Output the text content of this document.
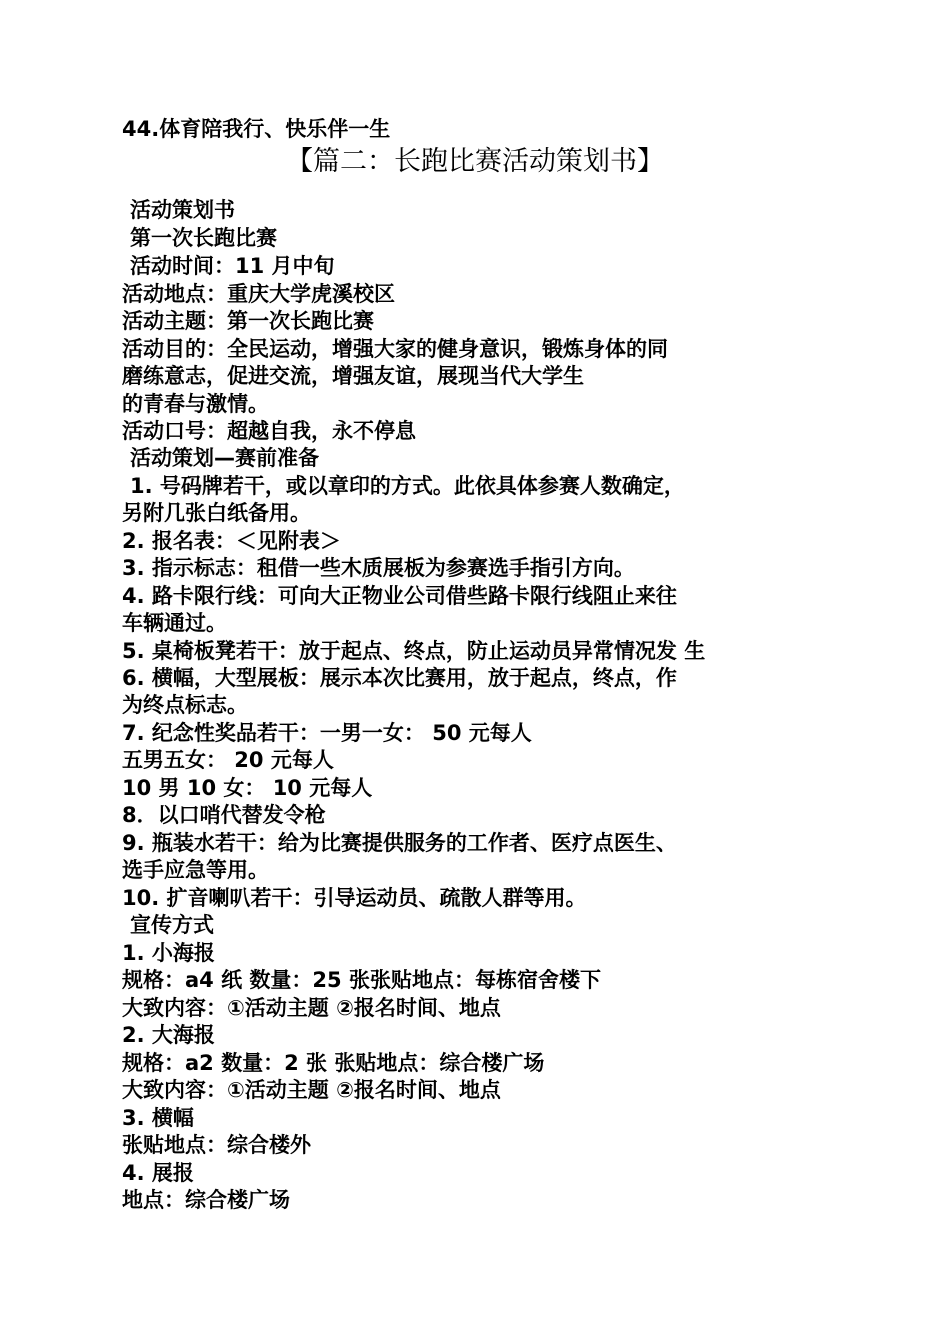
44.体育陪我行、快乐伴一生
【篇二：长跑比赛活动策划书】
活动策划书
第一次长跑比赛
活动时间：11 月中旬
活动地点：重庆大学虎溪校区
活动主题：第一次长跑比赛
活动目的：全民运动，增强大家的健身意识，锻炼身体的同
磨练意志，促进交流，增强友谊，展现当代大学生
的青春与激情。
活动口号：超越自我，永不停息
活动策划—赛前准备
1. 号码牌若干，或以章印的方式。此依具体参赛人数确定，
另附几张白纸备用。
2. 报名表：＜见附表＞
3. 指示标志：租借一些木质展板为参赛选手指引方向。
4. 路卡限行线：可向大正物业公司借些路卡限行线阻止来往
车辆通过。
5. 桌椅板凳若干：放于起点、终点，防止运动员异常情况发 生
6. 横幅，大型展板：展示本次比赛用，放于起点，终点，作
为终点标志。
7. 纪念性奖品若干：一男一女： 50 元每人
五男五女： 20 元每人
10 男 10 女： 10 元每人
8．以口哨代替发令枪
9. 瓶装水若干：给为比赛提供服务的工作者、医疗点医生、
选手应急等用。
10. 扩音喇叭若干：引导运动员、疏散人群等用。
宣传方式
1. 小海报
规格：a4 纸 数量：25 张张贴地点：每栋宿舍楼下
大致内容：①活动主题 ②报名时间、地点
2. 大海报
规格：a2 数量：2 张 张贴地点：综合楼广场
大致内容：①活动主题 ②报名时间、地点
3. 横幅
张贴地点：综合楼外
4. 展报
地点：综合楼广场
